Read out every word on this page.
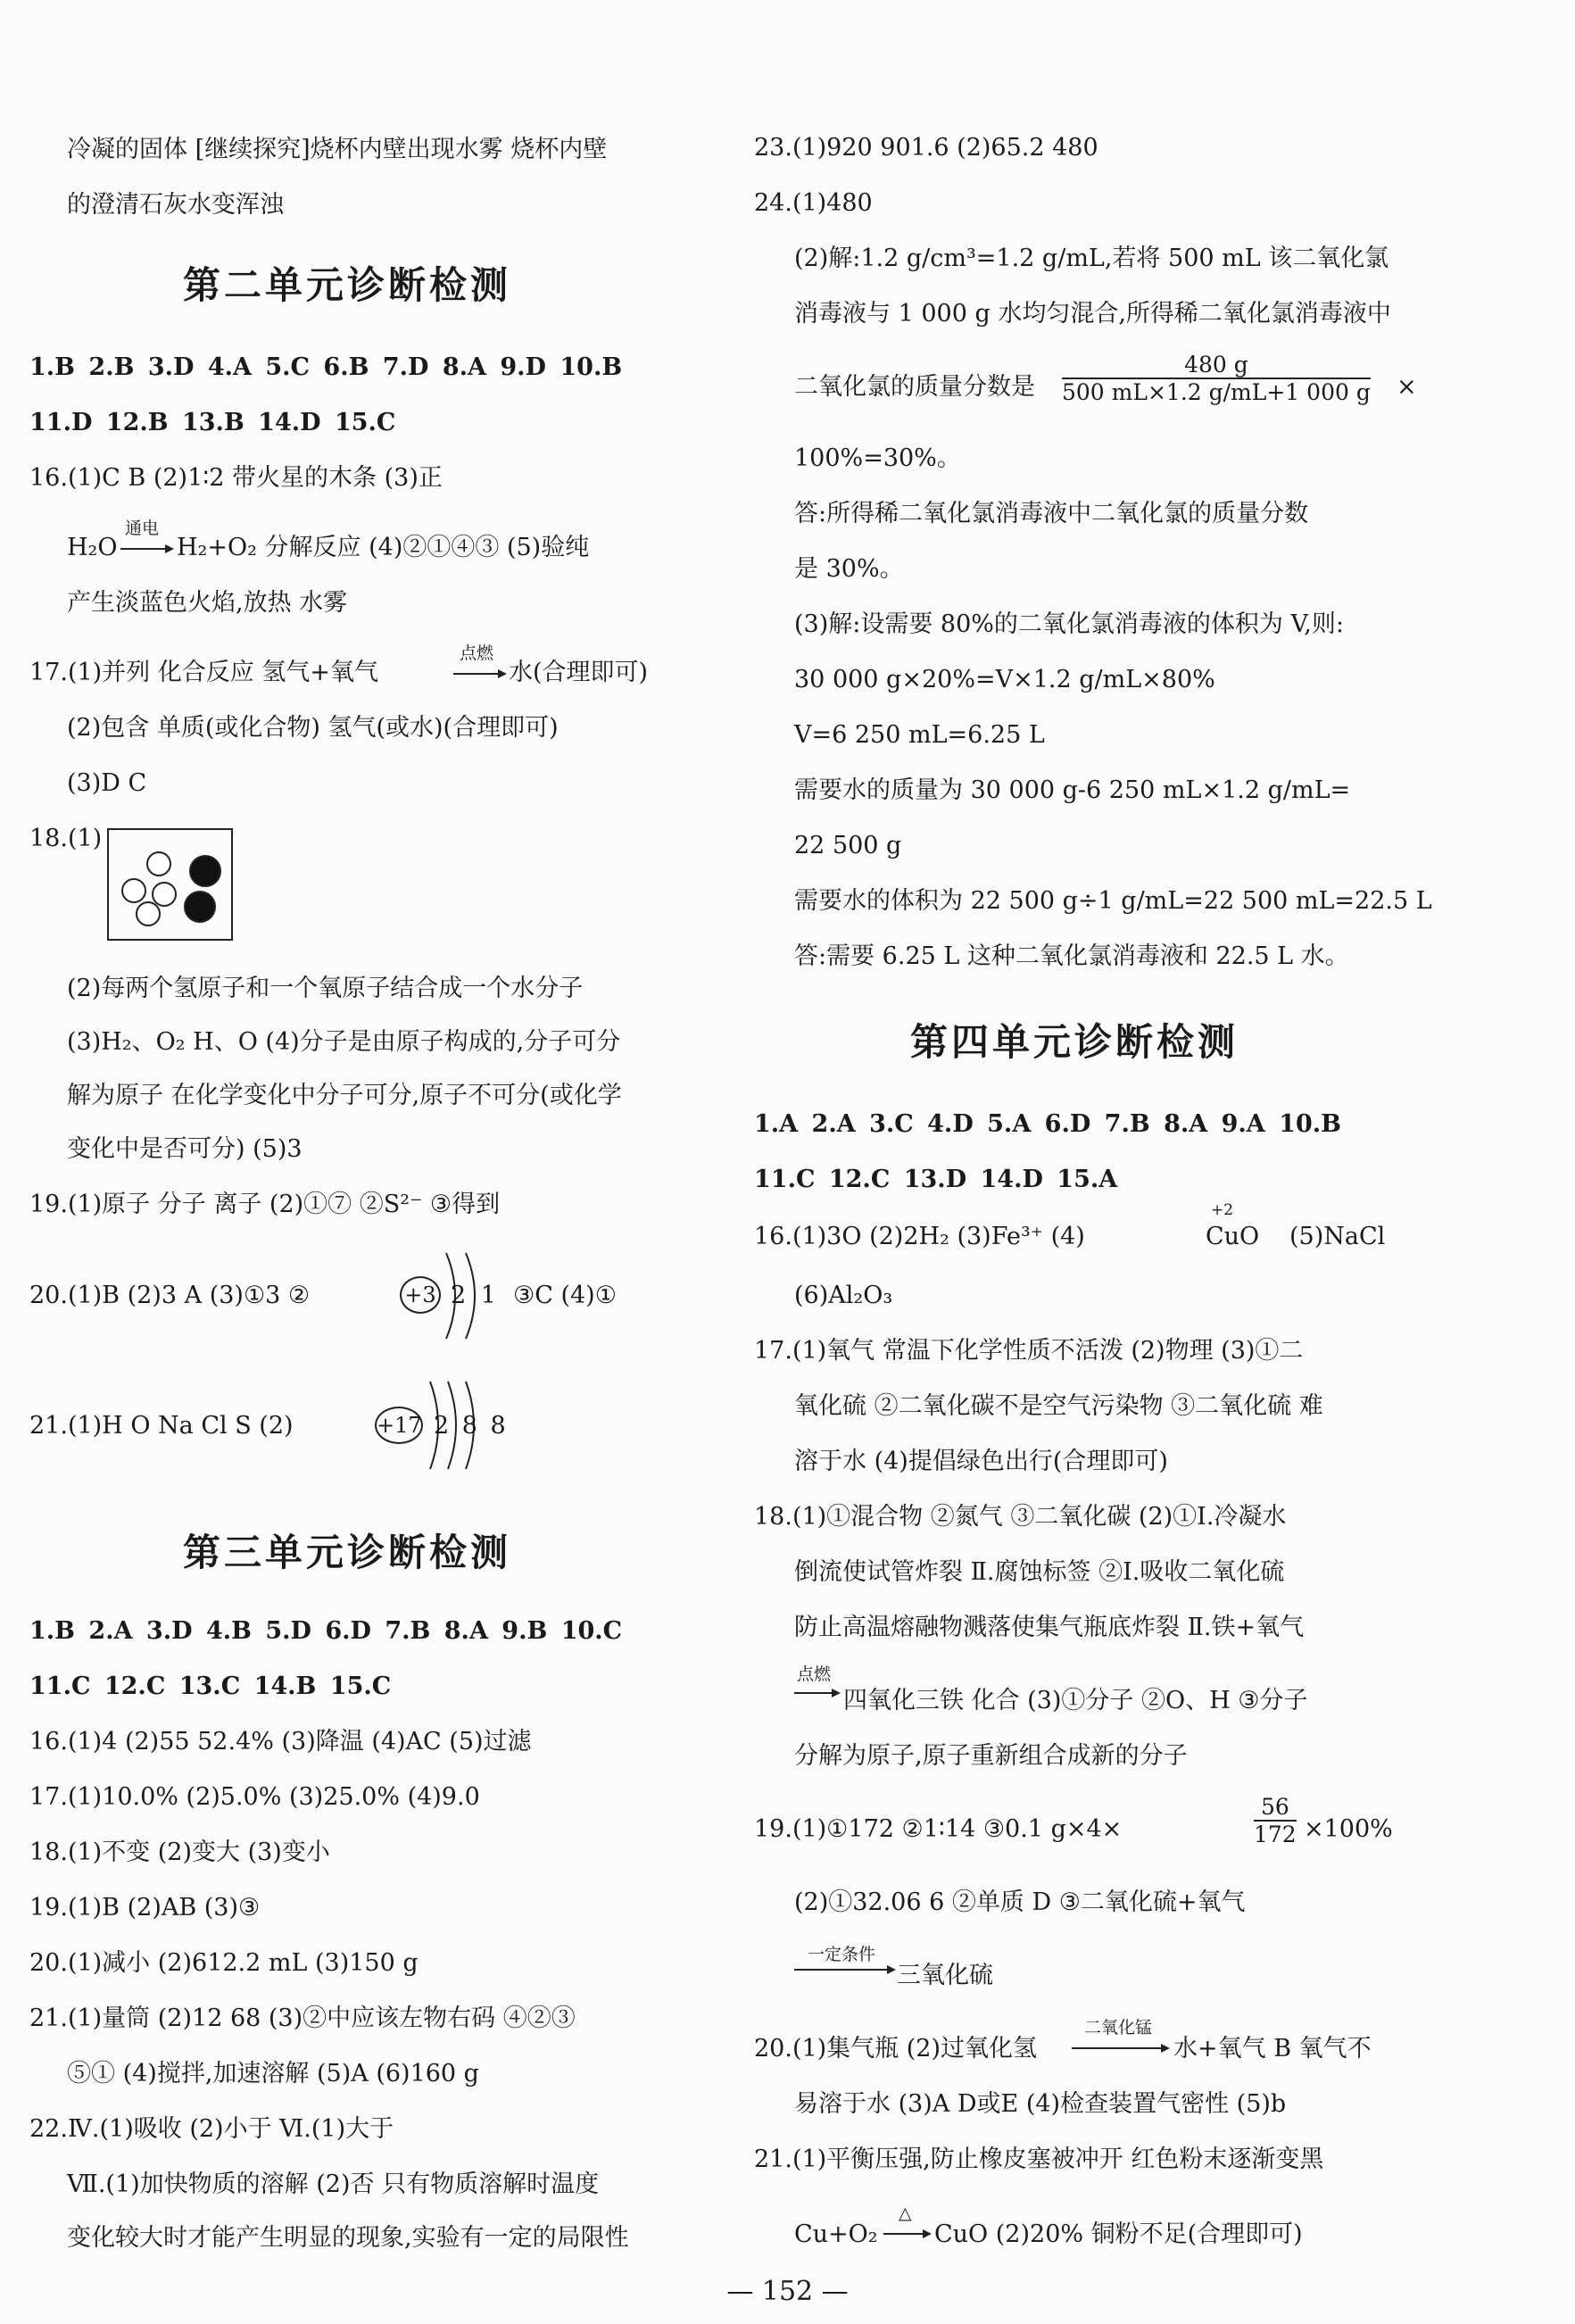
冷凝的固体 [继续探究]烧杯内壁出现水雾 烧杯内壁
的澄清石灰水变浑浊
第二单元诊断检测
1.B 2.B 3.D 4.A 5.C 6.B 7.D 8.A 9.D 10.B
11.D 12.B 13.B 14.D 15.C
16.(1)C B (2)1∶2 带火星的木条 (3)正
H₂O
通电
→ H₂+O₂ 分解反应 (4)②①④③ (5)验纯
产生淡蓝色火焰,放热 水雾
17.(1)并列 化合反应 氢气+氧气
点燃
→ 水(合理即可)
(2)包含 单质(或化合物) 氢气(或水)(合理即可)
(3)D C
18.(1)
(2)每两个氢原子和一个氧原子结合成一个水分子
(3)H₂、O₂ H、O (4)分子是由原子构成的,分子可分
解为原子 在化学变化中分子可分,原子不可分(或化学
变化中是否可分) (5)3
19.(1)原子 分子 离子 (2)①⑦ ②S²⁻ ③得到
20.(1)B (2)3 A (3)①3 ②	+3 2 1 ③C (4)①
21.(1)H O Na Cl S (2)	+17 2 8 8
第三单元诊断检测
1.B 2.A 3.D 4.B 5.D 6.D 7.B 8.A 9.B 10.C
11.C 12.C 13.C 14.B 15.C
16.(1)4 (2)55 52.4% (3)降温 (4)AC (5)过滤
17.(1)10.0% (2)5.0% (3)25.0% (4)9.0
18.(1)不变 (2)变大 (3)变小
19.(1)B (2)AB (3)③
20.(1)减小 (2)612.2 mL (3)150 g
21.(1)量筒 (2)12 68 (3)②中应该左物右码 ④②③
⑤① (4)搅拌,加速溶解 (5)A (6)160 g
22.Ⅳ.(1)吸收 (2)小于 Ⅵ.(1)大于
Ⅶ.(1)加快物质的溶解 (2)否 只有物质溶解时温度
变化较大时才能产生明显的现象,实验有一定的局限性
23.(1)920 901.6 (2)65.2 480
24.(1)480
(2)解:1.2 g/cm³=1.2 g/mL,若将 500 mL 该二氧化氯
消毒液与 1 000 g 水均匀混合,所得稀二氧化氯消毒液中
二氧化氯的质量分数是 $\frac{480 g}{500 mL\times 1.2 g/mL+1 000 g}$ ×
100%=30%。
答:所得稀二氧化氯消毒液中二氧化氯的质量分数
是 30%。
(3)解:设需要 80%的二氧化氯消毒液的体积为 V,则:
30 000 g×20%=V×1.2 g/mL×80%
V=6 250 mL=6.25 L
需要水的质量为 30 000 g-6 250 mL×1.2 g/mL=
22 500 g
需要水的体积为 22 500 g÷1 g/mL=22 500 mL=22.5 L
答:需要 6.25 L 这种二氧化氯消毒液和 22.5 L 水。
第四单元诊断检测
1.A 2.A 3.C 4.D 5.A 6.D 7.B 8.A 9.A 10.B
11.C 12.C 13.D 14.D 15.A
16.(1)3O (2)2H₂ (3)Fe³⁺ (4)
+2
CuO (5)NaCl
(6)Al₂O₃
17.(1)氧气 常温下化学性质不活泼 (2)物理 (3)①二
氧化硫 ②二氧化碳不是空气污染物 ③二氧化硫 难
溶于水 (4)提倡绿色出行(合理即可)
18.(1)①混合物 ②氮气 ③二氧化碳 (2)①Ⅰ.冷凝水
倒流使试管炸裂 Ⅱ.腐蚀标签 ②Ⅰ.吸收二氧化硫
防止高温熔融物溅落使集气瓶底炸裂 Ⅱ.铁+氧气
点燃
→ 四氧化三铁 化合 (3)①分子 ②O、H ③分子
分解为原子,原子重新组合成新的分子
19.(1)①172 ②1∶14 ③0.1 g×4×	$\frac{56}{172} \times 100\%$
(2)①32.06 6 ②单质 D ③二氧化硫+氧气
一定条件
三氧化硫
20.(1)集气瓶 (2)过氧化氢
二氧化锰
水+氧气 B 氧气不
易溶于水 (3)A D或E (4)检查装置气密性 (5)b
21.(1)平衡压强,防止橡皮塞被冲开 红色粉末逐渐变黑
Cu+O₂
△
→ CuO (2)20% 铜粉不足(合理即可)
— 152 —
